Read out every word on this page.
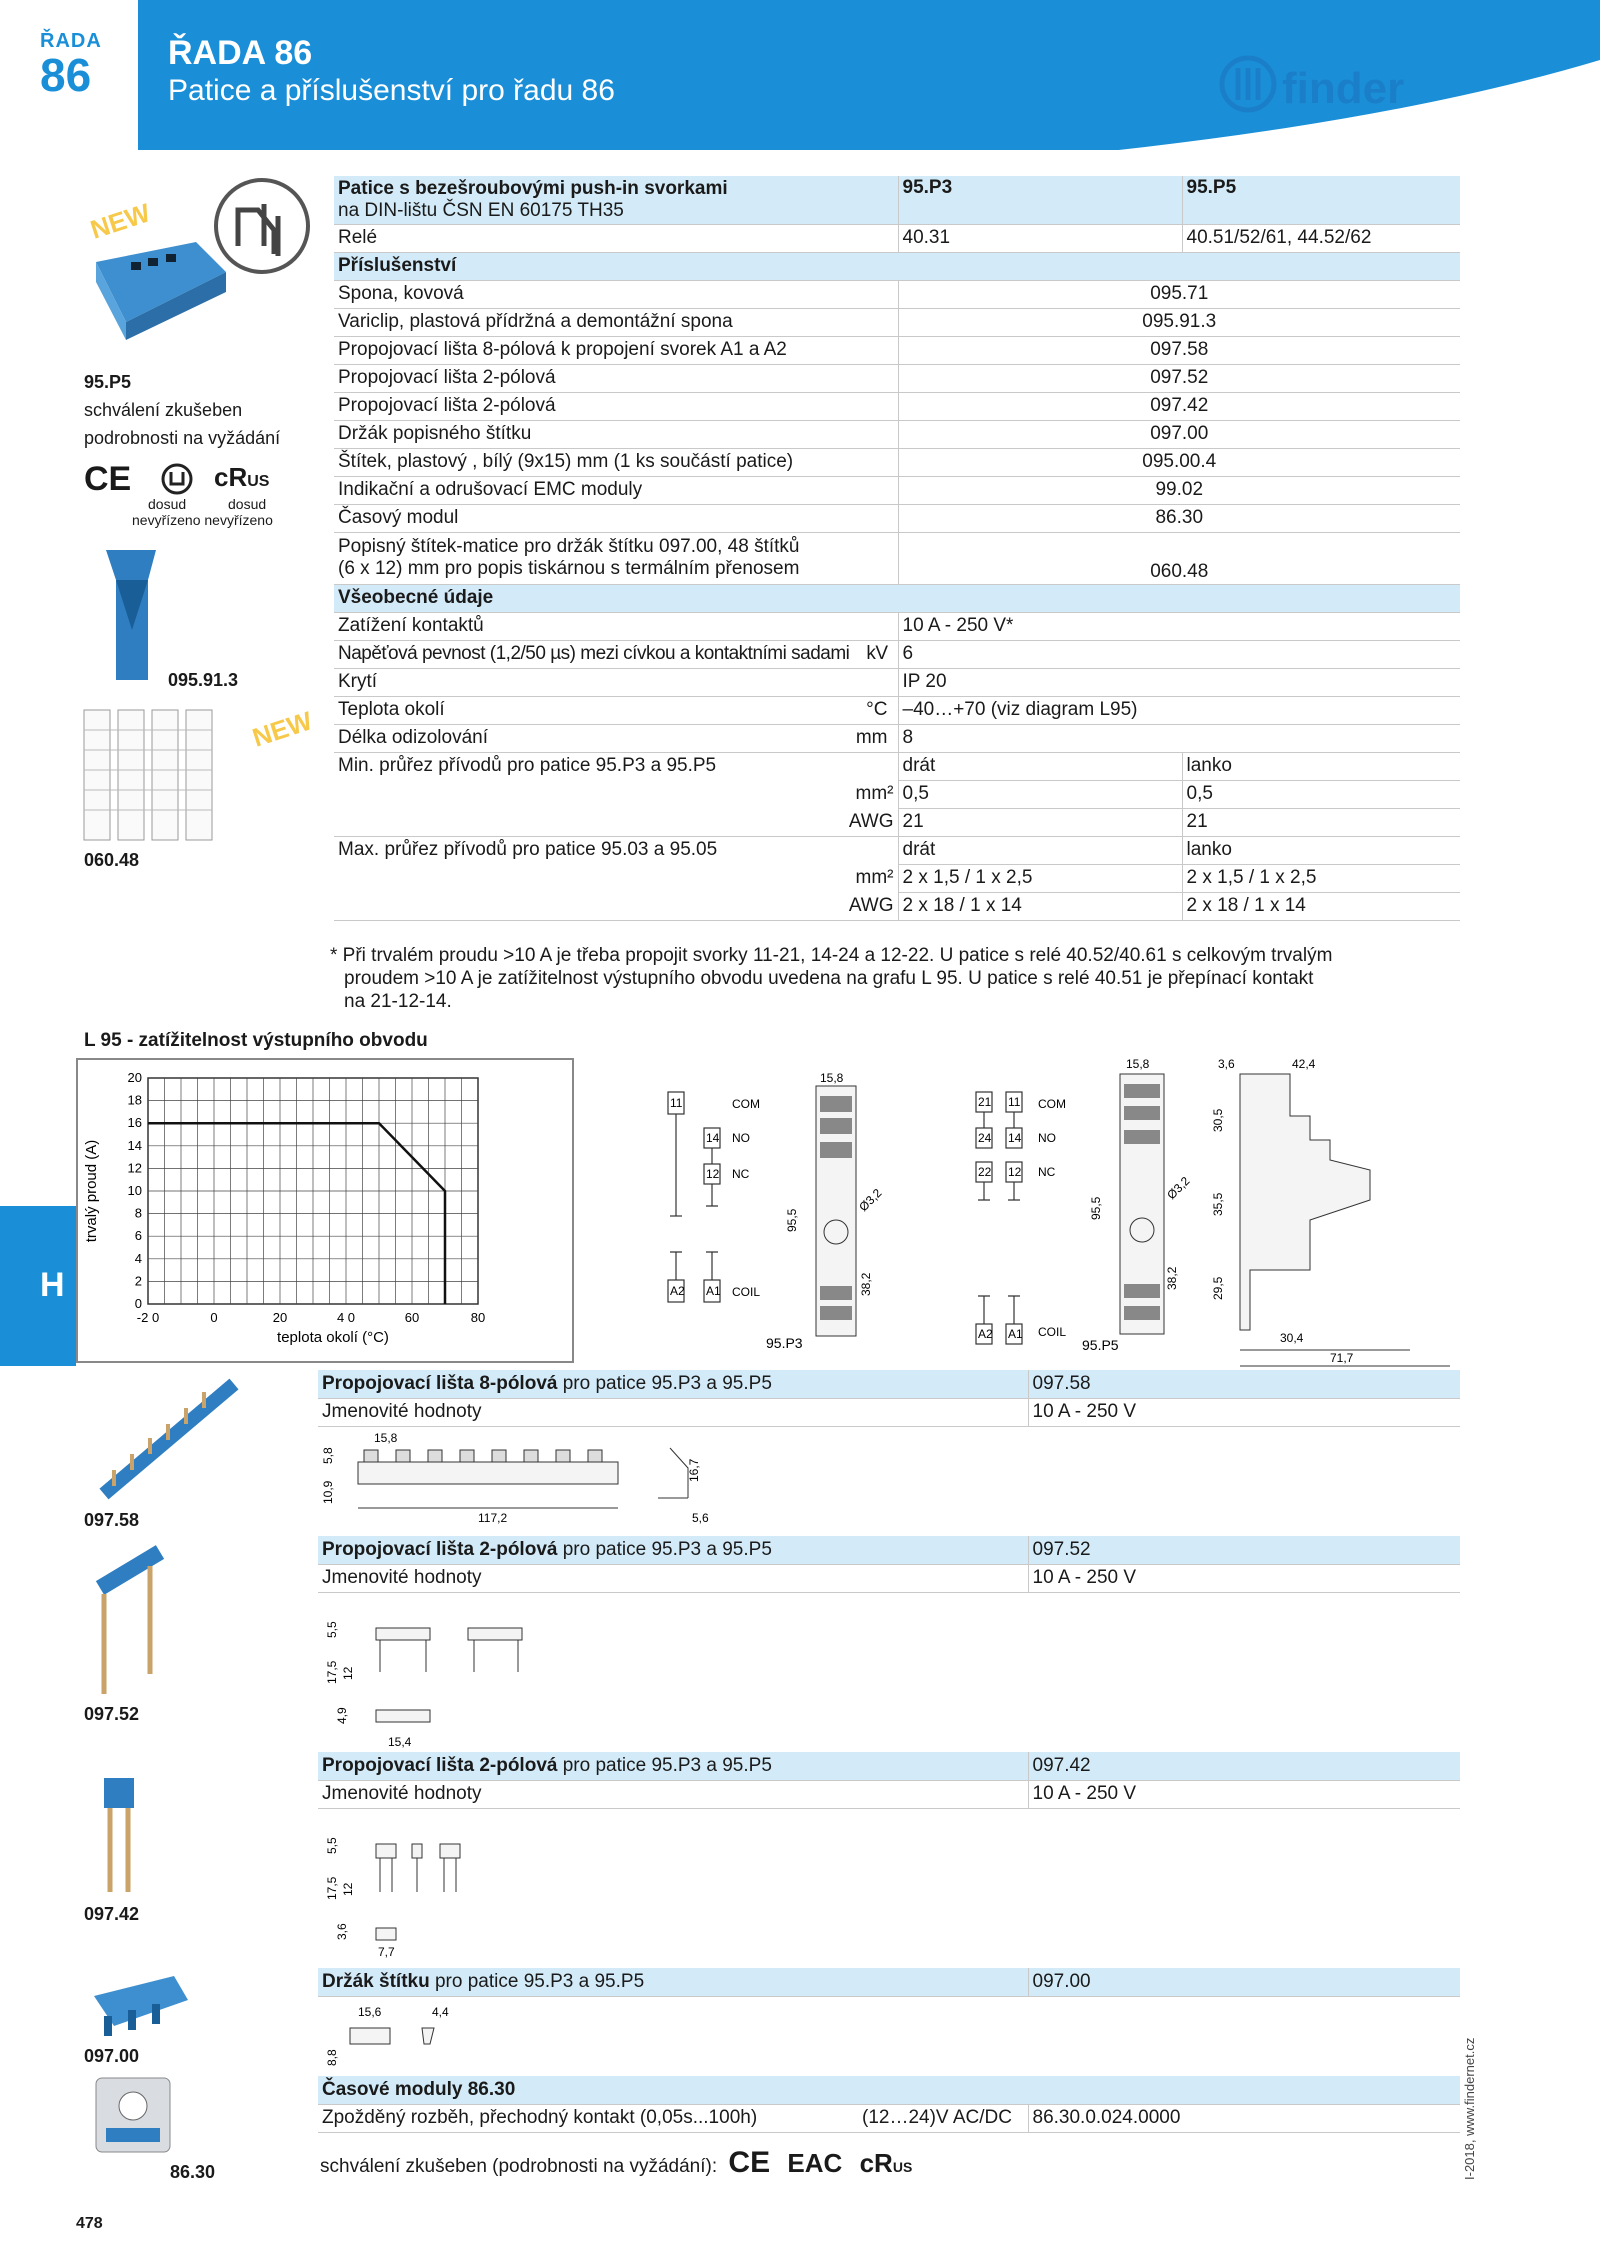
ŘADA
86	ŘADA 86
Patice a příslušenství pro řadu 86	finder
NEW
95.P5
schválení zkušeben
podrobnosti na vyžádání
CE	cRUS
dosud	dosud
nevyřízeno nevyřízeno
095.91.3
NEW
060.48
Patice s bezešroubovými push-in svorkami
na DIN-lištu ČSN EN 60175 TH35	95.P3	95.P5
Relé	40.31	40.51/52/61, 44.52/62
Příslušenství		
Spona, kovová	095.71	
Variclip, plastová přídržná a demontážní spona	095.91.3	
Propojovací lišta 8-pólová k propojení svorek A1 a A2	097.58	
Propojovací lišta 2-pólová	097.52	
Propojovací lišta 2-pólová	097.42	
Držák popisného štítku	097.00	
Štítek, plastový , bílý (9x15) mm (1 ks součástí patice)	095.00.4	
Indikační a odrušovací EMC moduly	99.02	
Časový modul	86.30	
Popisný štítek-matice pro držák štítku 097.00, 48 štítků
(6 x 12) mm pro popis tiskárnou s termálním přenosem	060.48	
Všeobecné údaje		
Zatížení kontaktů	10 A - 250 V*	
Napěťová pevnost (1,2/50 µs) mezi cívkou a kontaktními sadami kV	6	
Krytí	IP 20	
Teplota okolí °C	–40…+70 (viz diagram L95)	
Délka odizolování mm	8	
Min. průřez přívodů pro patice 95.P3 a 95.P5	drát	lanko
mm²	0,5	0,5
AWG	21	21
Max. průřez přívodů pro patice 95.03 a 95.05	drát	lanko
mm²	2 x 1,5 / 1 x 2,5	2 x 1,5 / 1 x 2,5
AWG	2 x 18 / 1 x 14	2 x 18 / 1 x 14
* Při trvalém proudu >10 A je třeba propojit svorky 11-21, 14-24 a 12-22. U patice s relé 40.52/40.61 s celkovým trvalým
proudem >10 A je zatížitelnost výstupního obvodu uvedena na grafu L 95. U patice s relé 40.51 je přepínací kontakt
na 21-12-14.
L 95 - zatížitelnost výstupního obvodu
0
2
4
6
8
10
12
14
16
18
20
-2 0	0	20	4 0	60	80
teplota okolí (°C)
trvalý proud (A)
H
11
14
12
A2 A1
COM
NO
NC
COIL
15,8
95,5
38,2
Ø3,2
95.P3
21 11
24 14
22 12
A2 A1
COM
NO
NC
COIL
15,8
95,5
38,2
Ø3,2
95.P5
3,6	42,4
30,5
35,5
29,5
30,4
71,7
097.58
Propojovací lišta 8-pólová pro patice 95.P3 a 95.P5	097.58
Jmenovité hodnoty	10 A - 250 V
5,8
10,9
15,8
117,2
16,7
5,6
097.52
Propojovací lišta 2-pólová pro patice 95.P3 a 95.P5	097.52
Jmenovité hodnoty	10 A - 250 V
5,5
17,5 12
4,9
15,4
097.42
Propojovací lišta 2-pólová pro patice 95.P3 a 95.P5	097.42
Jmenovité hodnoty	10 A - 250 V
5,5
17,5 12
3,6
7,7
097.00
Držák štítku pro patice 95.P3 a 95.P5	097.00
15,6	4,4
8,8
86.30
Časové moduly 86.30
Zpožděný rozběh, přechodný kontakt (0,05s...100h)	(12…24)V AC/DC	86.30.0.024.0000
schválení zkušeben (podrobnosti na vyžádání): CE EAC cRUS
478
I-2018, www.findernet.cz
